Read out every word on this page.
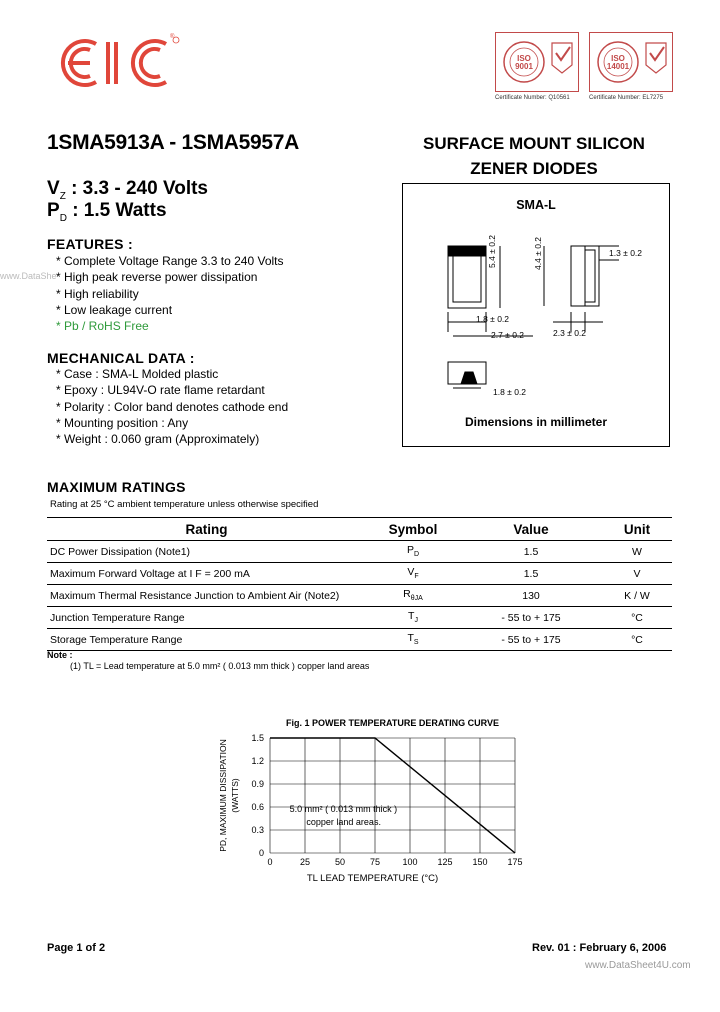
®
ISO 9001
Certificate Number: Q10561
ISO 14001
Certificate Number: EL7275
1SMA5913A - 1SMA5957A
$V_Z$ : 3.3 - 240 Volts
$P_D$ : 1.5 Watts
SURFACE MOUNT SILICON
ZENER DIODES
SMA-L
1.8 ± 0.2
5.4 ± 0.2	4.4 ± 0.2	1.3 ± 0.2
2.7 ± 0.2	2.3 ± 0.2
1.8 ± 0.2
Dimensions in millimeter
FEATURES :
* Complete Voltage Range 3.3 to 240 Volts
* High peak reverse power dissipation
* High reliability
* Low leakage current
* Pb / RoHS Free
www.DataShe
MECHANICAL DATA :
* Case : SMA-L Molded plastic
* Epoxy : UL94V-O rate flame retardant
* Polarity : Color band denotes cathode end
* Mounting position : Any
* Weight : 0.060 gram (Approximately)
MAXIMUM RATINGS
Rating at 25 °C ambient temperature unless otherwise specified
Rating	Symbol	Value	Unit
DC Power Dissipation (Note1)	$P_D$	1.5	W
Maximum Forward Voltage at I F = 200 mA	$V_F$	1.5	V
Maximum Thermal Resistance Junction to Ambient Air (Note2)	$R_{\theta JA}$	130	K / W
Junction Temperature Range	$T_J$	- 55 to + 175	°C
Storage Temperature Range	$T_S$	- 55 to + 175	°C
Note :
(1) TL = Lead temperature at 5.0 mm² ( 0.013 mm thick ) copper land areas
Fig. 1 POWER TEMPERATURE DERATING CURVE
0	25	50	75 100 125 150 175
0
0.3
0.6
0.9
1.2
1.5
TL LEAD TEMPERATURE (°C)
5.0 mm² ( 0.013 mm thick )
copper land areas.
PD, MAXIMUM DISSIPATION (WATTS)
Page 1 of 2	Rev. 01 : February 6, 2006
www.DataSheet4U.com
